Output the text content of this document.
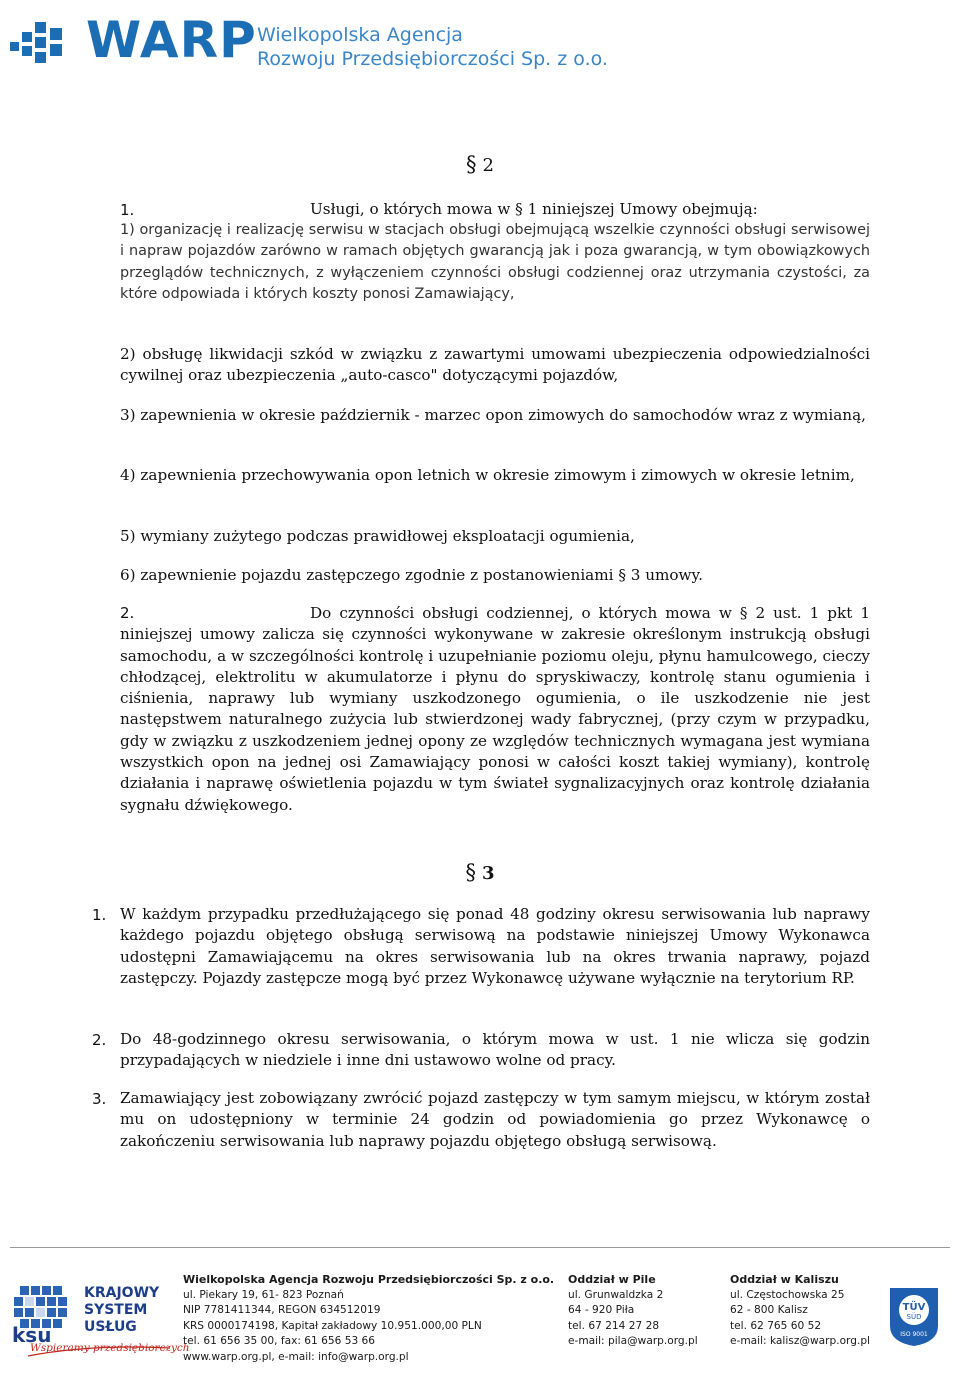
WARP Wielkopolska Agencja
Rozwoju Przedsiębiorczości Sp. z o.o.
§ 2
1.	Usługi, o których mowa w § 1 niniejszej Umowy obejmują:
1) organizację i realizację serwisu w stacjach obsługi obejmującą wszelkie czynności obsługi serwisowej i napraw pojazdów zarówno w ramach objętych gwarancją jak i poza gwarancją, w tym obowiązkowych przeglądów technicznych, z wyłączeniem czynności obsługi codziennej oraz utrzymania czystości, za które odpowiada i których koszty ponosi Zamawiający,
2) obsługę likwidacji szkód w związku z zawartymi umowami ubezpieczenia odpowiedzialności cywilnej oraz ubezpieczenia „auto-casco" dotyczącymi pojazdów,
3) zapewnienia w okresie październik - marzec opon zimowych do samochodów wraz z wymianą,
4) zapewnienia przechowywania opon letnich w okresie zimowym i zimowych w okresie letnim,
5) wymiany zużytego podczas prawidłowej eksploatacji ogumienia,
6) zapewnienie pojazdu zastępczego zgodnie z postanowieniami § 3 umowy.
2.	Do czynności obsługi codziennej, o których mowa w § 2 ust. 1 pkt 1 niniejszej umowy zalicza się czynności wykonywane w zakresie określonym instrukcją obsługi samochodu, a w szczególności kontrolę i uzupełnianie poziomu oleju, płynu hamulcowego, cieczy chłodzącej, elektrolitu w akumulatorze i płynu do spryskiwaczy, kontrolę stanu ogumienia i ciśnienia, naprawy lub wymiany uszkodzonego ogumienia, o ile uszkodzenie nie jest następstwem naturalnego zużycia lub stwierdzonej wady fabrycznej, (przy czym w przypadku, gdy w związku z uszkodzeniem jednej opony ze względów technicznych wymagana jest wymiana wszystkich opon na jednej osi Zamawiający ponosi w całości koszt takiej wymiany), kontrolę działania i naprawę oświetlenia pojazdu w tym świateł sygnalizacyjnych oraz kontrolę działania sygnału dźwiękowego.
§ 3
1. W każdym przypadku przedłużającego się ponad 48 godziny okresu serwisowania lub naprawy każdego pojazdu objętego obsługą serwisową na podstawie niniejszej Umowy Wykonawca udostępni Zamawiającemu na okres serwisowania lub na okres trwania naprawy, pojazd zastępczy. Pojazdy zastępcze mogą być przez Wykonawcę używane wyłącznie na terytorium RP.
2. Do 48-godzinnego okresu serwisowania, o którym mowa w ust. 1 nie wlicza się godzin przypadających w niedziele i inne dni ustawowo wolne od pracy.
3. Zamawiający jest zobowiązany zwrócić pojazd zastępczy w tym samym miejscu, w którym został mu on udostępniony w terminie 24 godzin od powiadomienia go przez Wykonawcę o zakończeniu serwisowania lub naprawy pojazdu objętego obsługą serwisową.
ksu
KRAJOWY
SYSTEM
USŁUG
Wspieramy przedsiębiorczych
Wielkopolska Agencja Rozwoju Przedsiębiorczości Sp. z o.o.
ul. Piekary 19, 61- 823 Poznań
NIP 7781411344, REGON 634512019
KRS 0000174198, Kapitał zakładowy 10.951.000,00 PLN
tel. 61 656 35 00, fax: 61 656 53 66
www.warp.org.pl, e-mail: info@warp.org.pl
Oddział w Pile
ul. Grunwaldzka 2
64 - 920 Piła
tel. 67 214 27 28
e-mail: pila@warp.org.pl
Oddział w Kaliszu
ul. Częstochowska 25
62 - 800 Kalisz
tel. 62 765 60 52
e-mail: kalisz@warp.org.pl
TÜV
SÜD
ISO 9001
